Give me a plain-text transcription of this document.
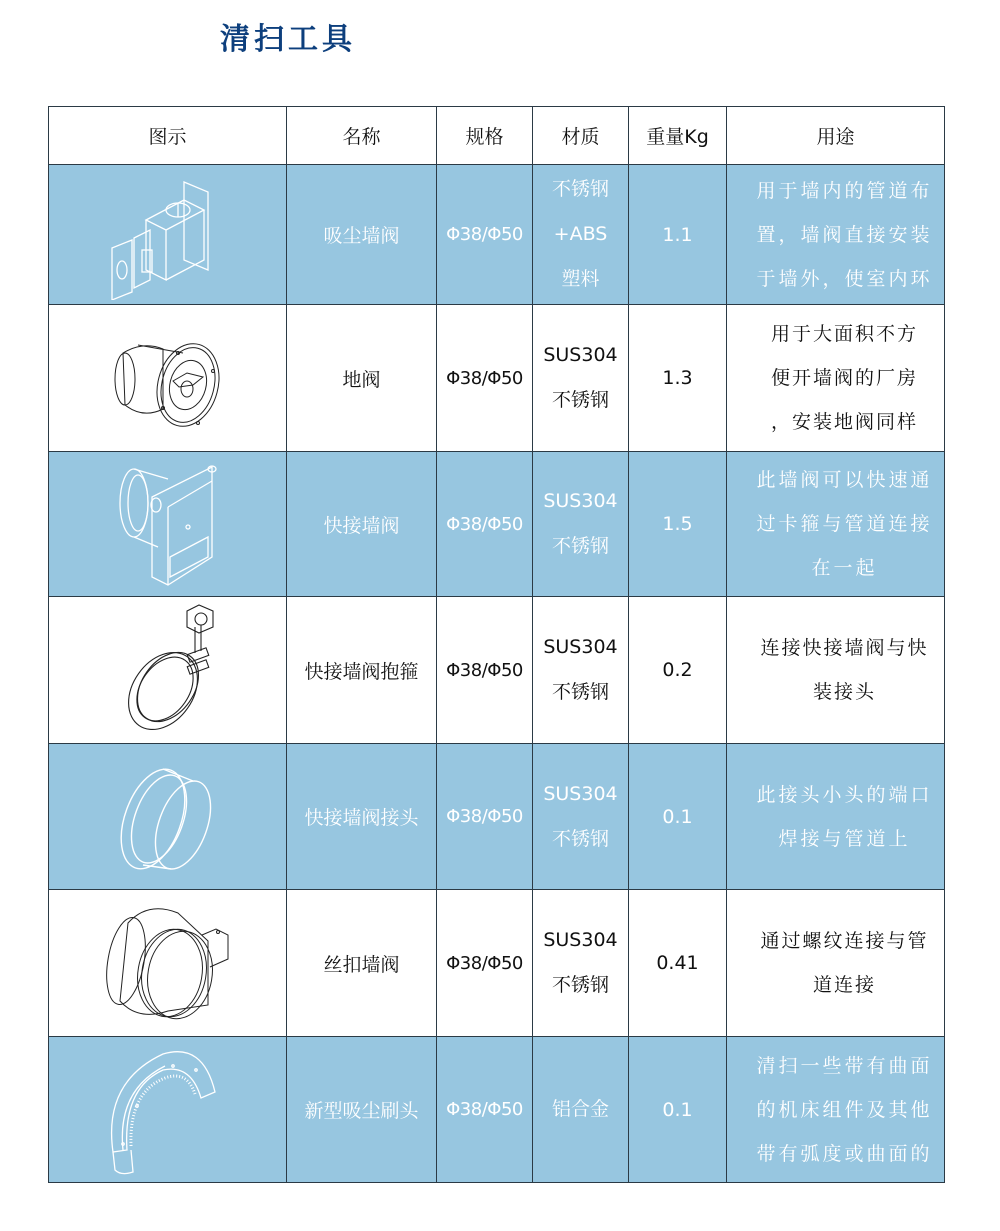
清扫工具
图示	名称	规格	材质	重量Kg	用途

	吸尘墙阀	Φ38/Φ50	不锈钢
+ABS
塑料	1.1	用于墙内的管道布
置，墙阀直接安装
于墙外，使室内环

	地阀	Φ38/Φ50	SUS304
不锈钢	1.3	用于大面积不方
便开墙阀的厂房
，安装地阀同样

	快接墙阀	Φ38/Φ50	SUS304
不锈钢	1.5	此墙阀可以快速通
过卡箍与管道连接
在一起

	快接墙阀抱箍	Φ38/Φ50	SUS304
不锈钢	0.2	连接快接墙阀与快
装接头

	快接墙阀接头	Φ38/Φ50	SUS304
不锈钢	0.1	此接头小头的端口
焊接与管道上

	丝扣墙阀	Φ38/Φ50	SUS304
不锈钢	0.41	通过螺纹连接与管
道连接

	新型吸尘刷头	Φ38/Φ50	铝合金	0.1	清扫一些带有曲面
的机床组件及其他
带有弧度或曲面的
